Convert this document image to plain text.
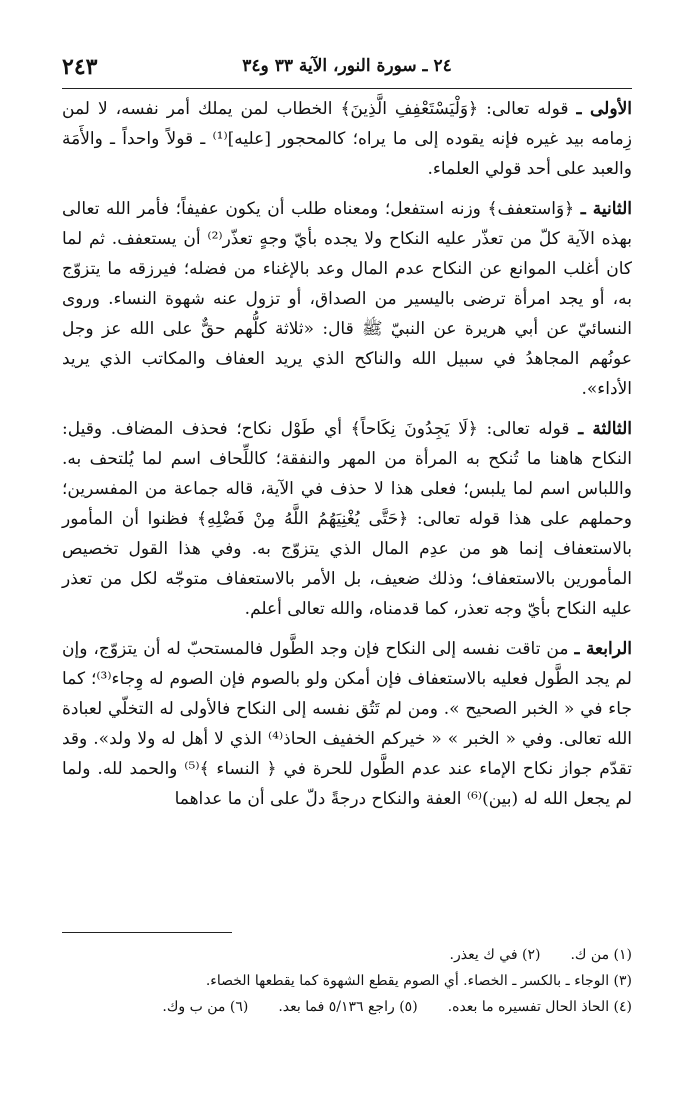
٢٤٣	٢٤ ـ سورة النور، الآية ٣٣ و٣٤

الأولى ـ قوله تعالى: ﴿وَلْيَسْتَعْفِفِ الَّذِينَ﴾ الخطاب لمن يملك أمر نفسه، لا لمن زِمامه بيد غيره فإنه يقوده إلى ما يراه؛ كالمحجور [عليه]⁽¹⁾ ـ قولاً واحداً ـ والأَمَة والعبد على أحد قولي العلماء.

الثانية ـ ﴿وَاستعفف﴾ وزنه استفعل؛ ومعناه طلب أن يكون عفيفاً؛ فأمر الله تعالى بهذه الآية كلّ من تعذّر عليه النكاح ولا يجده بأيّ وجهٍ تعذّر⁽²⁾ أن يستعفف. ثم لما كان أغلب الموانع عن النكاح عدم المال وعد بالإغناء من فضله؛ فيرزقه ما يتزوّج به، أو يجد امرأة ترضى باليسير من الصداق، أو تزول عنه شهوة النساء. وروى النسائيّ عن أبي هريرة عن النبيّ ﷺ قال: «ثلاثة كلُّهم حقٌّ على الله عز وجل عونُهم المجاهدُ في سبيل الله والناكح الذي يريد العفاف والمكاتب الذي يريد الأداء».

الثالثة ـ قوله تعالى: ﴿لَا يَجِدُونَ نِكَاحاً﴾ أي طَوْل نكاح؛ فحذف المضاف. وقيل: النكاح هاهنا ما تُنكح به المرأة من المهر والنفقة؛ كاللِّحاف اسم لما يُلتحف به. واللباس اسم لما يلبس؛ فعلى هذا لا حذف في الآية، قاله جماعة من المفسرين؛ وحملهم على هذا قوله تعالى: ﴿حَتَّى يُغْنِيَهُمُ اللَّهُ مِنْ فَضْلِهِ﴾ فظنوا أن المأمور بالاستعفاف إنما هو من عدِم المال الذي يتزوّج به. وفي هذا القول تخصيص المأمورين بالاستعفاف؛ وذلك ضعيف، بل الأمر بالاستعفاف متوجّه لكل من تعذر عليه النكاح بأيّ وجه تعذر، كما قدمناه، والله تعالى أعلم.

الرابعة ـ من تاقت نفسه إلى النكاح فإن وجد الطَّول فالمستحبّ له أن يتزوّج، وإن لم يجد الطَّول فعليه بالاستعفاف فإن أمكن ولو بالصوم فإن الصوم له وِجاء⁽³⁾؛ كما جاء في « الخبر الصحيح ». ومن لم تَتُق نفسه إلى النكاح فالأولى له التخلّي لعبادة الله تعالى. وفي « الخبر » « خيركم الخفيف الحاذ⁽⁴⁾ الذي لا أهل له ولا ولد». وقد تقدّم جواز نكاح الإماء عند عدم الطَّول للحرة في ﴿ النساء ﴾⁽⁵⁾ والحمد لله. ولما لم يجعل الله له (بين)⁽⁶⁾ العفة والنكاح درجةً دلّ على أن ما عداهما

(١) من ك.
(٢) في ك يعذر.
(٣) الوجاء ـ بالكسر ـ الخصاء. أي الصوم يقطع الشهوة كما يقطعها الخصاء.
(٤) الحاذ الحال تفسيره ما بعده.
(٥) راجع ٥/١٣٦ فما بعد.
(٦) من ب وك.
